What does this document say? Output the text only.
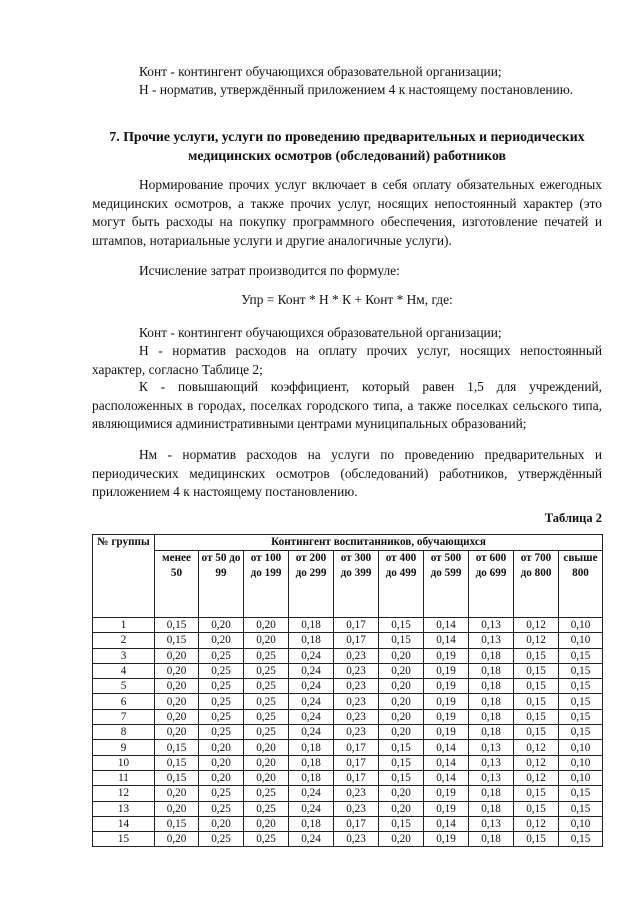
Конт - контингент обучающихся образовательной организации;

Н - норматив, утверждённый приложением 4 к настоящему постановлению.

7. Прочие услуги, услуги по проведению предварительных и периодических медицинских осмотров (обследований) работников

Нормирование прочих услуг включает в себя оплату обязательных ежегодных медицинских осмотров, а также прочих услуг, носящих непостоянный характер (это могут быть расходы на покупку программного обеспечения, изготовление печатей и штампов, нотариальные услуги и другие аналогичные услуги).

Исчисление затрат производится по формуле:

Упр = Конт * Н * К + Конт * Нм, где:

Конт - контингент обучающихся образовательной организации;

Н - норматив расходов на оплату прочих услуг, носящих непостоянный характер, согласно Таблице 2;

К - повышающий коэффициент, который равен 1,5 для учреждений, расположенных в городах, поселках городского типа, а также поселках сельского типа, являющимися административными центрами муниципальных образований;

Нм - норматив расходов на услуги по проведению предварительных и периодических медицинских осмотров (обследований) работников, утверждённый приложением 4 к настоящему постановлению.

Таблица 2
№ группы	Контингент воспитанников, обучающихся									
	менее 50	от 50 до 99	от 100 до 199	от 200 до 299	от 300 до 399	от 400 до 499	от 500 до 599	от 600 до 699	от 700 до 800	свыше 800
1	0,15	0,20	0,20	0,18	0,17	0,15	0,14	0,13	0,12	0,10
2	0,15	0,20	0,20	0,18	0,17	0,15	0,14	0,13	0,12	0,10
3	0,20	0,25	0,25	0,24	0,23	0,20	0,19	0,18	0,15	0,15
4	0,20	0,25	0,25	0,24	0,23	0,20	0,19	0,18	0,15	0,15
5	0,20	0,25	0,25	0,24	0,23	0,20	0,19	0,18	0,15	0,15
6	0,20	0,25	0,25	0,24	0,23	0,20	0,19	0,18	0,15	0,15
7	0,20	0,25	0,25	0,24	0,23	0,20	0,19	0,18	0,15	0,15
8	0,20	0,25	0,25	0,24	0,23	0,20	0,19	0,18	0,15	0,15
9	0,15	0,20	0,20	0,18	0,17	0,15	0,14	0,13	0,12	0,10
10	0,15	0,20	0,20	0,18	0,17	0,15	0,14	0,13	0,12	0,10
11	0,15	0,20	0,20	0,18	0,17	0,15	0,14	0,13	0,12	0,10
12	0,20	0,25	0,25	0,24	0,23	0,20	0,19	0,18	0,15	0,15
13	0,20	0,25	0,25	0,24	0,23	0,20	0,19	0,18	0,15	0,15
14	0,15	0,20	0,20	0,18	0,17	0,15	0,14	0,13	0,12	0,10
15	0,20	0,25	0,25	0,24	0,23	0,20	0,19	0,18	0,15	0,15
